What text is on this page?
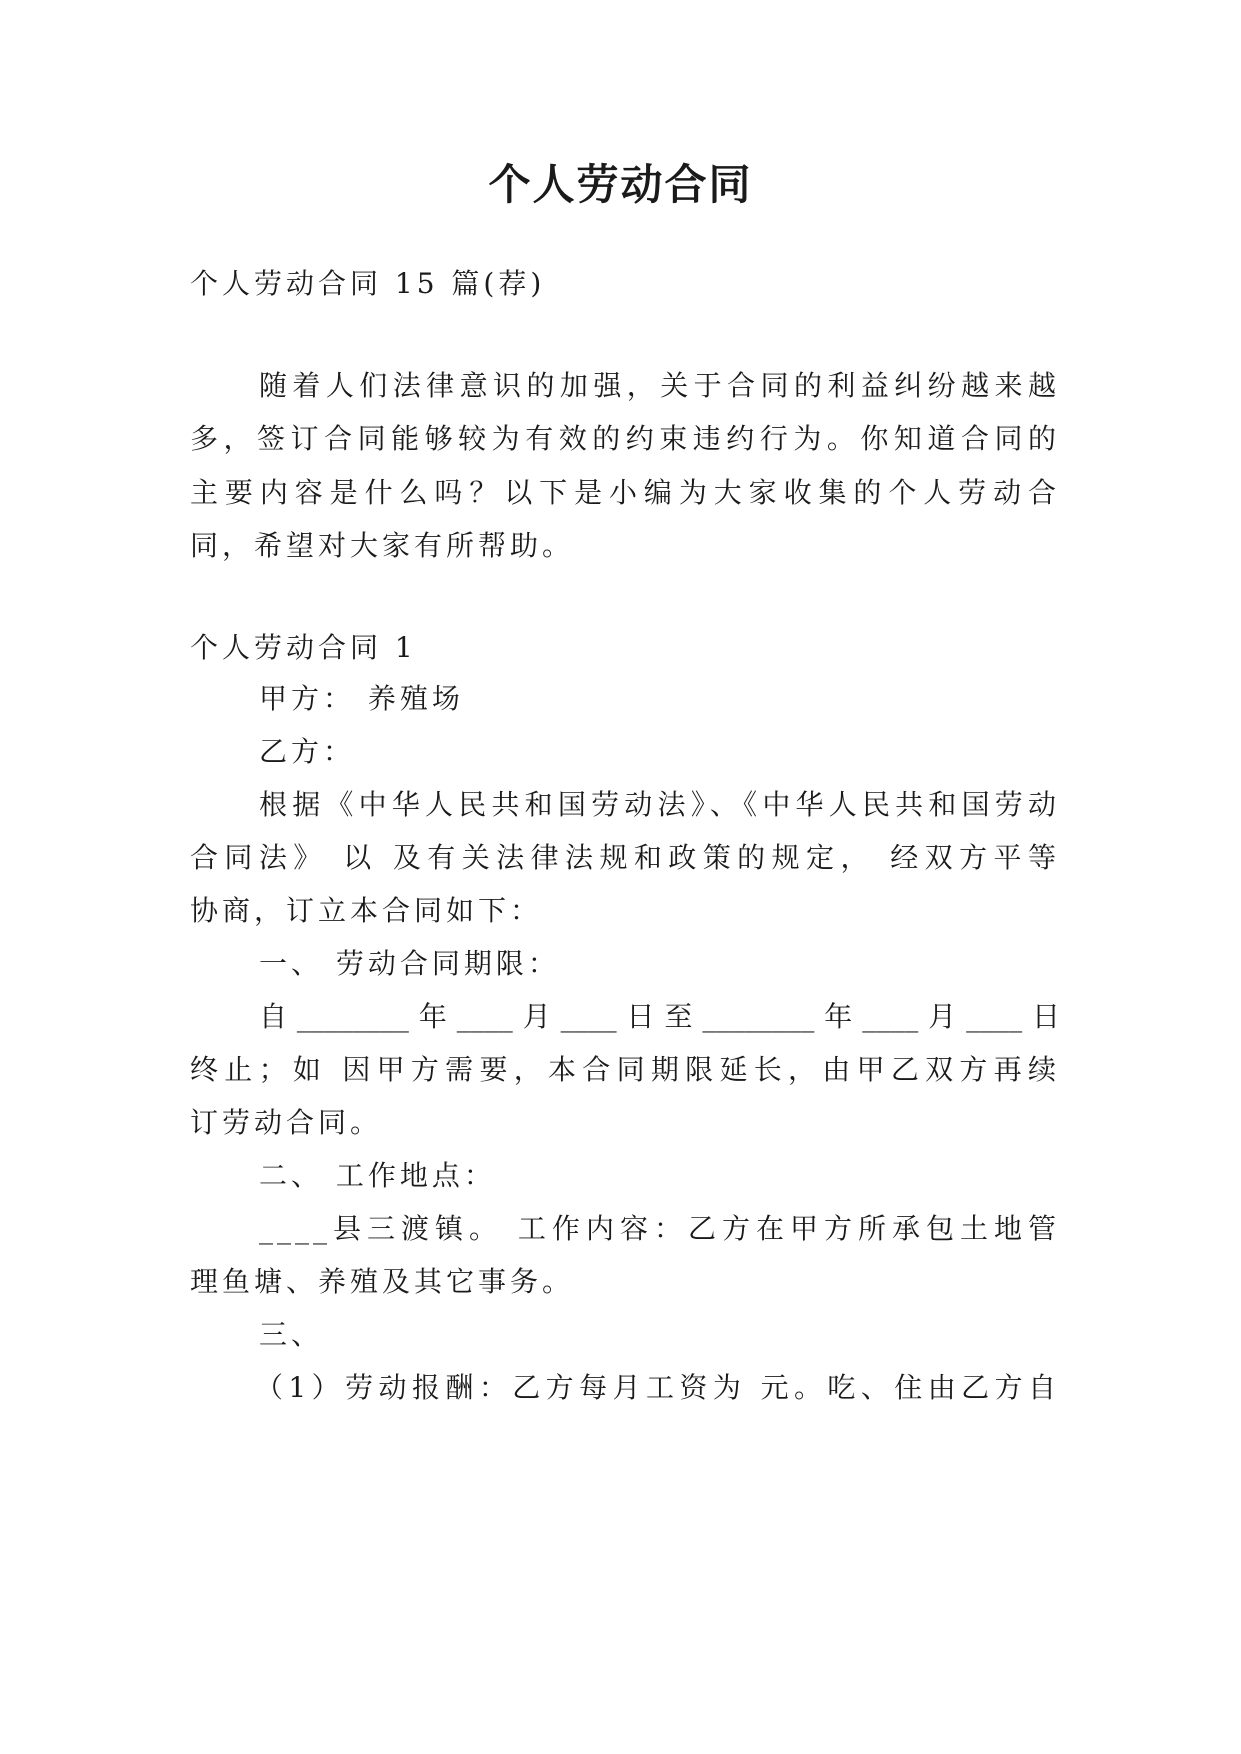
个人劳动合同

个人劳动合同 15 篇(荐)

随着人们法律意识的加强，关于合同的利益纠纷越来越

多，签订合同能够较为有效的约束违约行为。你知道合同的

主要内容是什么吗？以下是小编为大家收集的个人劳动合

同，希望对大家有所帮助。

个人劳动合同 1

甲方： 养殖场

乙方：

根据《中华人民共和国劳动法》、《中华人民共和国劳动

合同法》 以 及有关法律法规和政策的规定， 经双方平等

协商，订立本合同如下：

一、 劳动合同期限：

自________年____月____日至________年____月____日

终止；如 因甲方需要，本合同期限延长，由甲乙双方再续

订劳动合同。

二、 工作地点：

____县三渡镇。 工作内容：乙方在甲方所承包土地管

理鱼塘、养殖及其它事务。

三、

（1）劳动报酬：乙方每月工资为 元。吃、住由乙方自
